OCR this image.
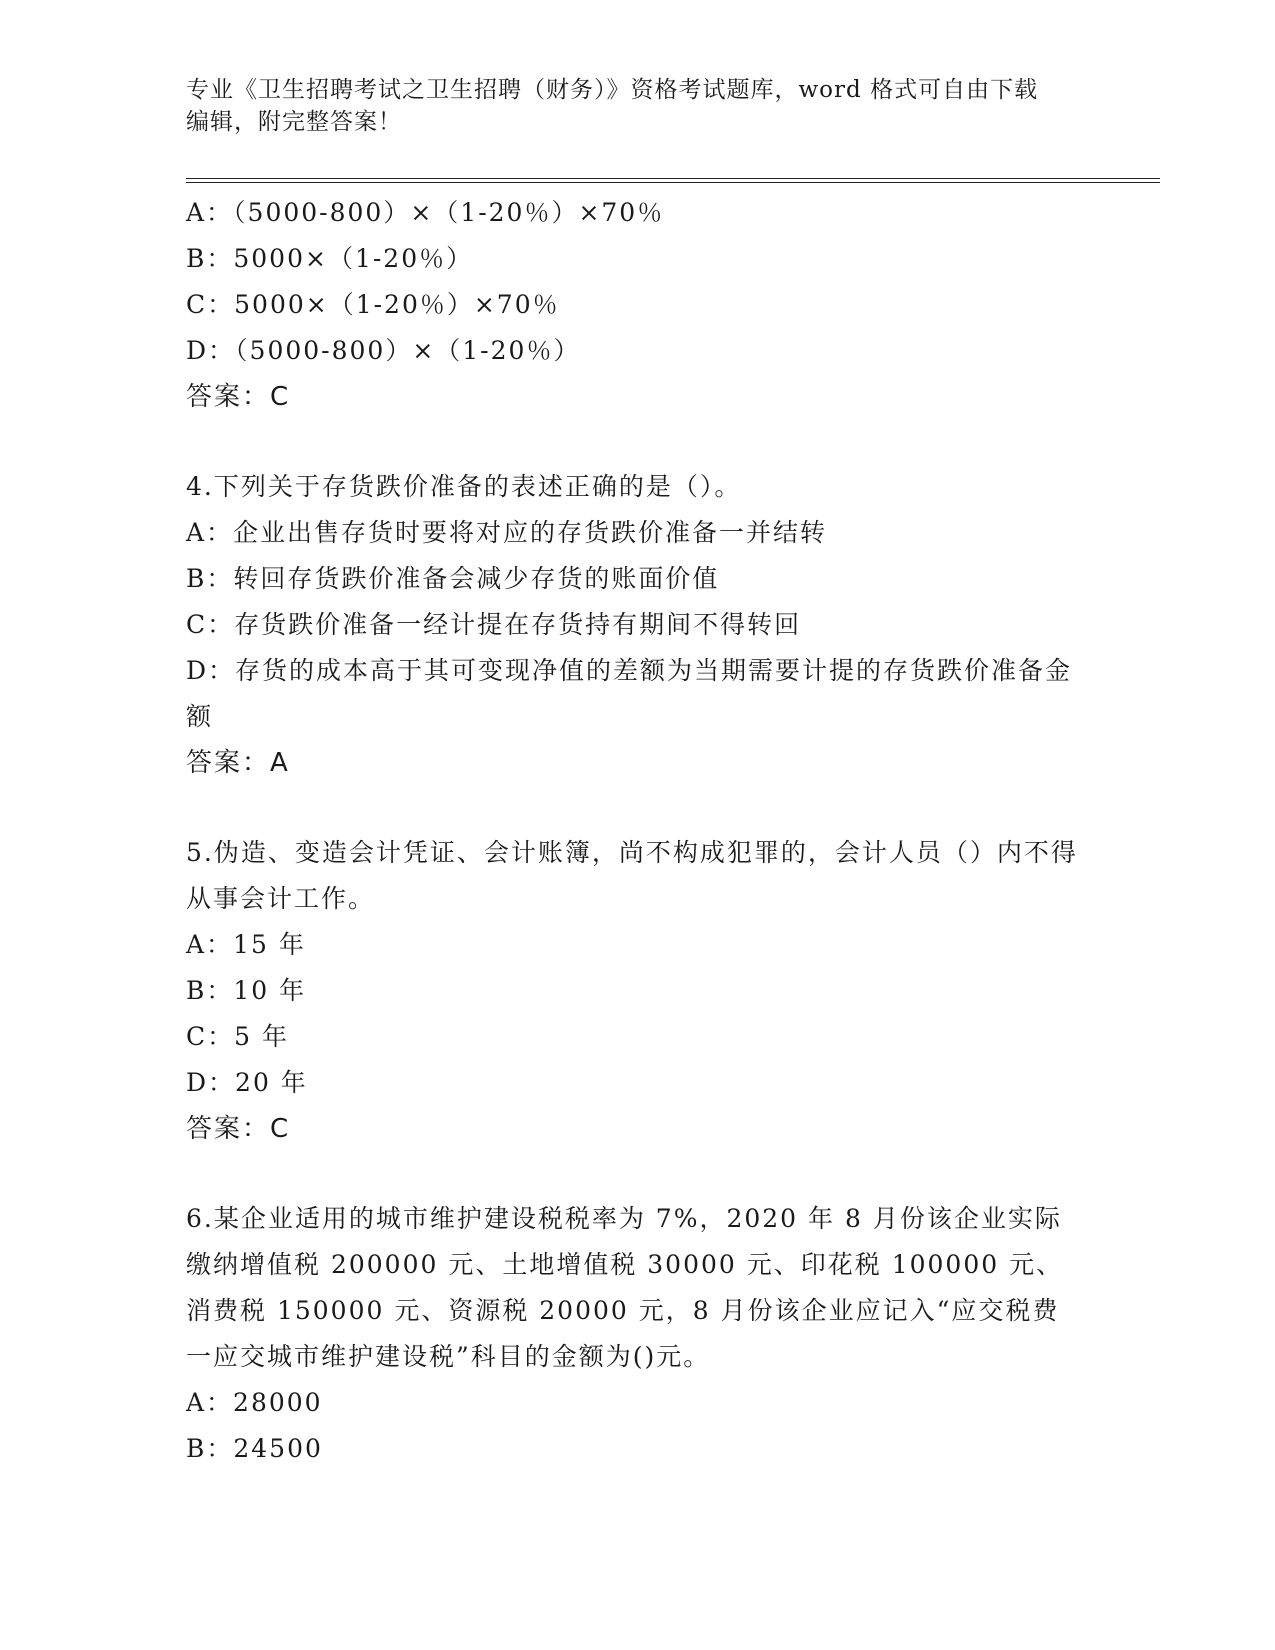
专业《卫生招聘考试之卫生招聘（财务）》资格考试题库，word 格式可自由下载
编辑，附完整答案！
A：（5000-800）×（1-20％）×70％
B：5000×（1-20％）
C：5000×（1-20％）×70％
D：（5000-800）×（1-20％）
答案：C
4.下列关于存货跌价准备的表述正确的是（）。
A：企业出售存货时要将对应的存货跌价准备一并结转
B：转回存货跌价准备会减少存货的账面价值
C：存货跌价准备一经计提在存货持有期间不得转回
D：存货的成本高于其可变现净值的差额为当期需要计提的存货跌价准备金额
答案：A
5.伪造、变造会计凭证、会计账簿，尚不构成犯罪的，会计人员（）内不得从事会计工作。
A：15 年
B：10 年
C：5 年
D：20 年
答案：C
6.某企业适用的城市维护建设税税率为 7%，2020 年 8 月份该企业实际缴纳增值税 200000 元、土地增值税 30000 元、印花税 100000 元、消费税 150000 元、资源税 20000 元，8 月份该企业应记入“应交税费一应交城市维护建设税”科目的金额为()元。
A：28000
B：24500
